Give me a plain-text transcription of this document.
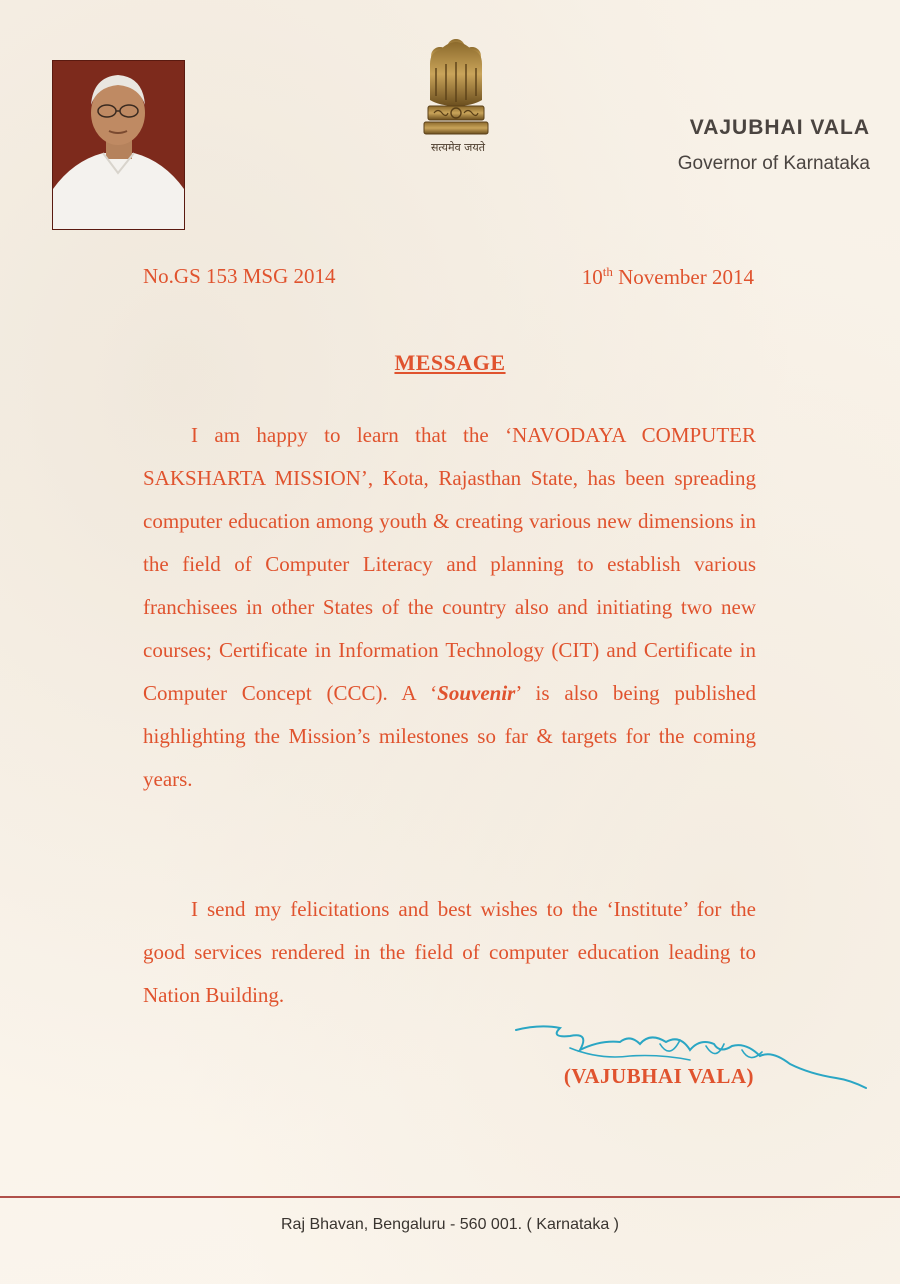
सत्यमेव जयते
VAJUBHAI VALA
Governor of Karnataka
No.GS 153 MSG 2014	10th November 2014
MESSAGE
I am happy to learn that the ‘NAVODAYA COMPUTER SAKSHARTA MISSION’, Kota, Rajasthan State, has been spreading computer education among youth & creating various new dimensions in the field of Computer Literacy and planning to establish various franchisees in other States of the country also and initiating two new courses; Certificate in Information Technology (CIT) and Certificate in Computer Concept (CCC). A ‘Souvenir’ is also being published highlighting the Mission’s milestones so far & targets for the coming years.
I send my felicitations and best wishes to the ‘Institute’ for the good services rendered in the field of computer education leading to Nation Building.
(VAJUBHAI VALA)
Raj Bhavan, Bengaluru - 560 001. ( Karnataka )
